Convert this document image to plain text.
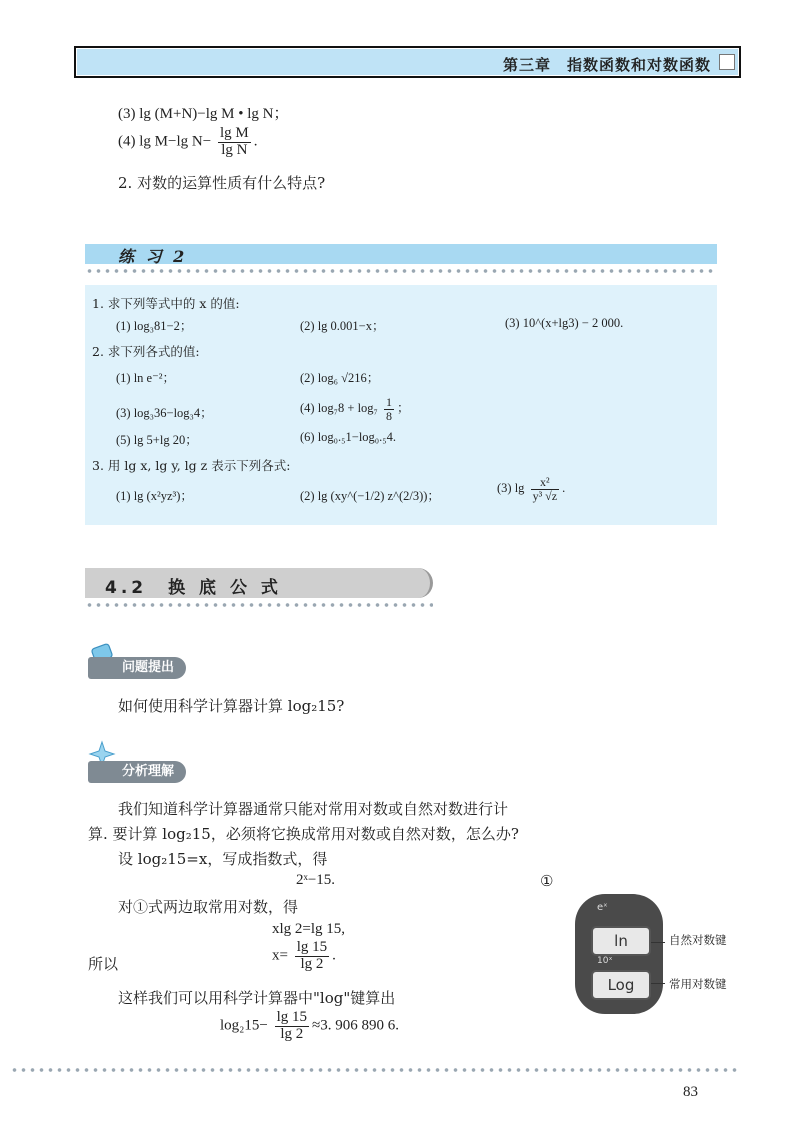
第三章　指数函数和对数函数
(3) lg (M+N)−lg M • lg N；
(4) lg M−lg $N- \frac{\text{lg M}}{\text{lg N}}$ .
2. 对数的运算性质有什么特点?
练 习 2
1. 求下列等式中的 x 的值:
(1) log₃81−2；	(2) lg 0.001−x；	(3) 10^(x+lg3) − 2 000.
2. 求下列各式的值:
(1) ln e⁻²；	(2) log₆ √216；
(3) log₃36−log₃4；	(4) $\log_78 + \log_7 \frac{1}{8}$ ；
(5) lg 5+lg 20；	(6) log₀.₅1−log₀.₅4.
3. 用 lg x, lg y, lg z 表示下列各式:
(1) lg (x²yz³)；	(2) lg (xy^(−1/2) z^(2/3))；
(3) $\lg \frac{\text{x²}}{\text{y³ √z}}$ .
4.2　换 底 公 式
问题提出
如何使用科学计算器计算 log₂15?
分析理解
我们知道科学计算器通常只能对常用对数或自然对数进行计
算. 要计算 log₂15，必须将它换成常用对数或自然对数，怎么办?
设 log₂15=x，写成指数式，得
2ˣ−15.	①
对①式两边取常用对数，得
xlg 2=lg 15,
所以	$x= \frac{\lg 15}{\lg 2}$ .
这样我们可以用科学计算器中"log"键算出
$\log_215- \frac{\lg 15}{\lg 2} \approx 3$. 906 890 6.
eˣ
ln
10ˣ
Log
自然对数键
常用对数键
83
